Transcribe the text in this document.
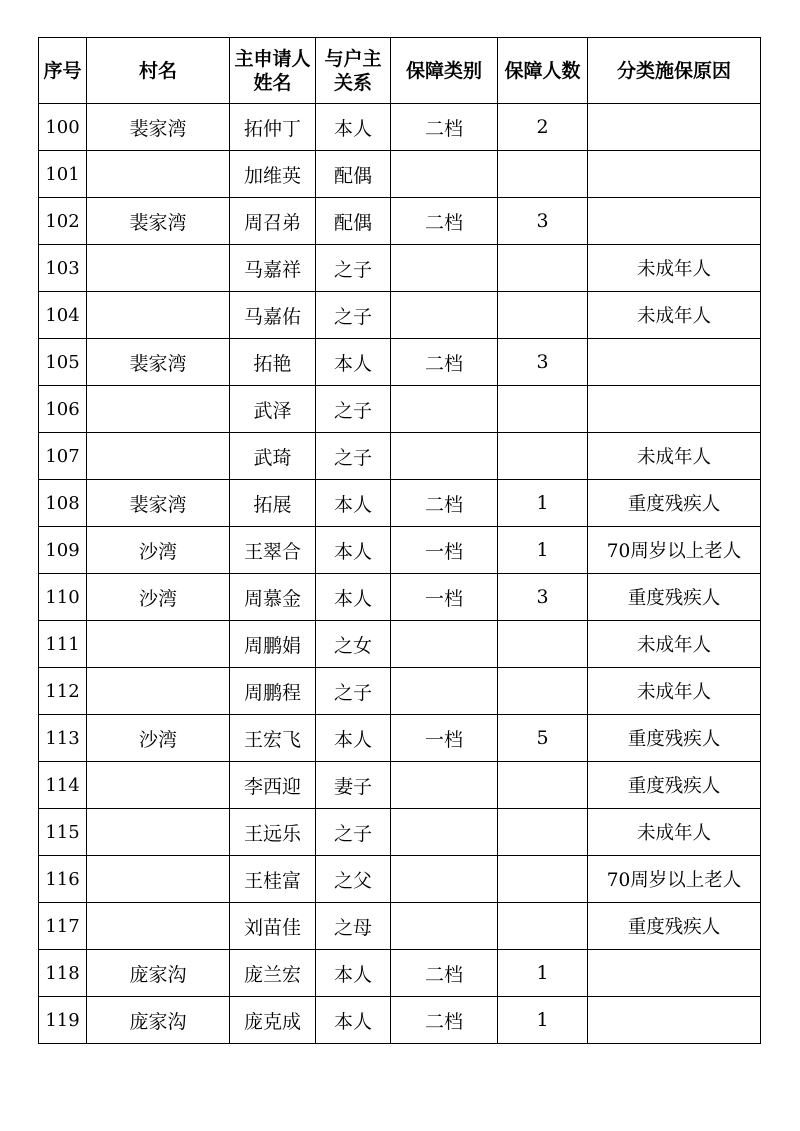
序号	村名	主申请人姓名	与户主关系	保障类别	保障人数	分类施保原因
100	裴家湾	拓仲丁	本人	二档	2	
101		加维英	配偶			
102	裴家湾	周召弟	配偶	二档	3	
103		马嘉祥	之子			未成年人
104		马嘉佑	之子			未成年人
105	裴家湾	拓艳	本人	二档	3	
106		武泽	之子			
107		武琦	之子			未成年人
108	裴家湾	拓展	本人	二档	1	重度残疾人
109	沙湾	王翠合	本人	一档	1	70周岁以上老人
110	沙湾	周慕金	本人	一档	3	重度残疾人
111		周鹏娟	之女			未成年人
112		周鹏程	之子			未成年人
113	沙湾	王宏飞	本人	一档	5	重度残疾人
114		李西迎	妻子			重度残疾人
115		王远乐	之子			未成年人
116		王桂富	之父			70周岁以上老人
117		刘苗佳	之母			重度残疾人
118	庞家沟	庞兰宏	本人	二档	1	
119	庞家沟	庞克成	本人	二档	1	
